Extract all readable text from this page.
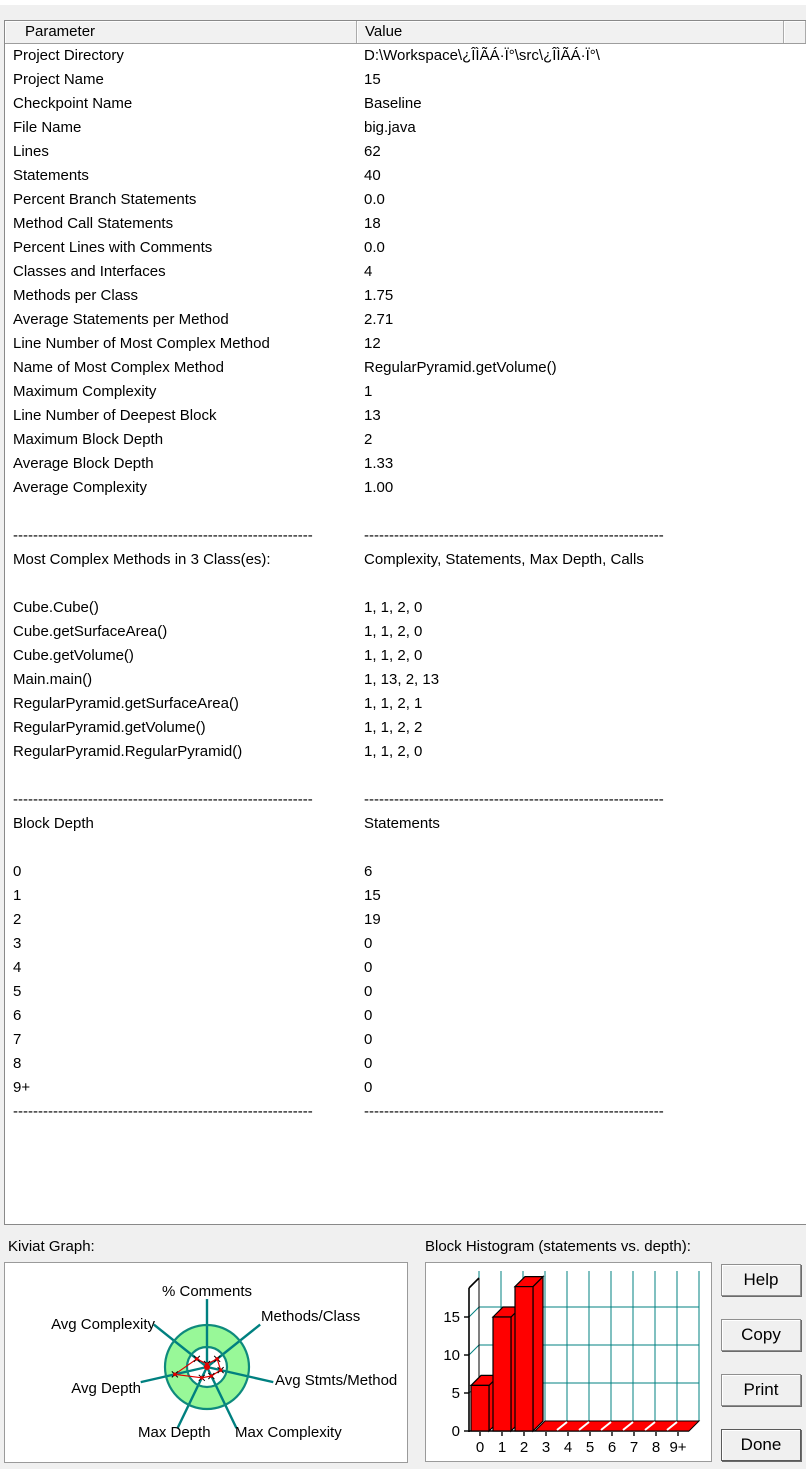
Parameter	Value
Project Directory	D:\Workspace\¿ÎÌÃÁ·Ï°\src\¿ÎÌÃÁ·Ï°\
Project Name	15
Checkpoint Name	Baseline
File Name	big.java
Lines	62
Statements	40
Percent Branch Statements	0.0
Method Call Statements	18
Percent Lines with Comments	0.0
Classes and Interfaces	4
Methods per Class	1.75
Average Statements per Method	2.71
Line Number of Most Complex Method	12
Name of Most Complex Method	RegularPyramid.getVolume()
Maximum Complexity	1
Line Number of Deepest Block	13
Maximum Block Depth	2
Average Block Depth	1.33
Average Complexity	1.00
------------------------------------------------------------	------------------------------------------------------------
Most Complex Methods in 3 Class(es):	Complexity, Statements, Max Depth, Calls
Cube.Cube()	1, 1, 2, 0
Cube.getSurfaceArea()	1, 1, 2, 0
Cube.getVolume()	1, 1, 2, 0
Main.main()	1, 13, 2, 13
RegularPyramid.getSurfaceArea()	1, 1, 2, 1
RegularPyramid.getVolume()	1, 1, 2, 2
RegularPyramid.RegularPyramid()	1, 1, 2, 0
------------------------------------------------------------	------------------------------------------------------------
Block Depth	Statements
0	6
1	15
2	19
3	0
4	0
5	0
6	0
7	0
8	0
9+	0
------------------------------------------------------------	------------------------------------------------------------
Kiviat Graph:
% Comments
Methods/Class
Avg Stmts/Method
Max Complexity
Max Depth
Avg Depth
Avg Complexity
Block Histogram (statements vs. depth):
0
5
10
15
0 1 2 3 4 5 6 7 8 9+
Help
Copy
Print
Done
